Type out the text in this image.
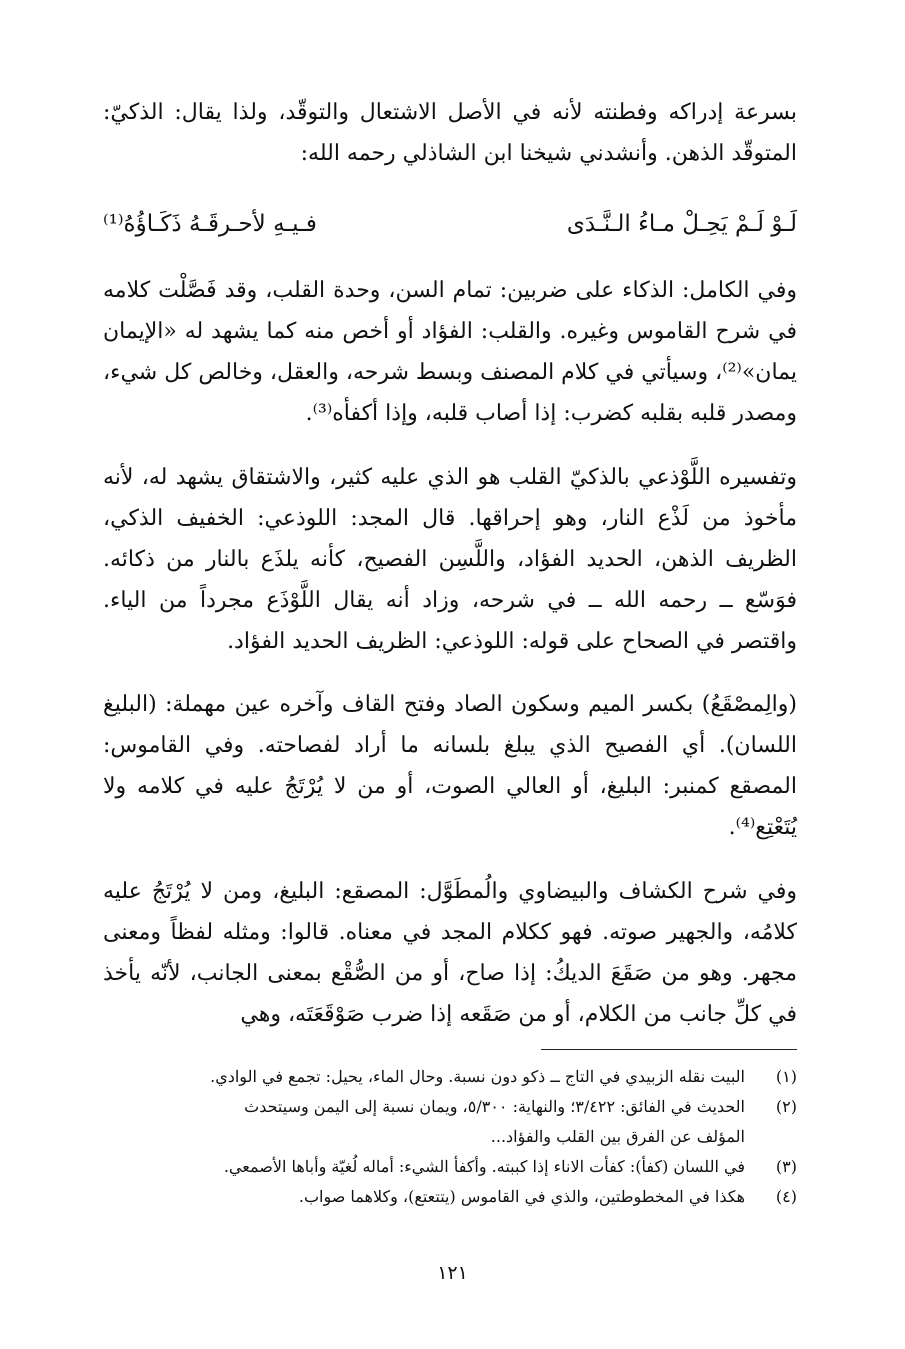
بسرعة إدراكه وفطنته لأنه في الأصل الاشتعال والتوقّد، ولذا يقال: الذكيّ: المتوقّد الذهن. وأنشدني شيخنا ابن الشاذلي رحمه الله:

لَـوْ لَـمْ يَحِـلْ مـاءُ الـنَّـدَى
فـيـهِ لأحـرقَـهُ ذَكَـاؤُهُ⁽¹⁾

وفي الكامل: الذكاء على ضربين: تمام السن، وحدة القلب، وقد فَصَّلْت كلامه في شرح القاموس وغيره. والقلب: الفؤاد أو أخص منه كما يشهد له «الإيمان يمان»⁽²⁾، وسيأتي في كلام المصنف وبسط شرحه، والعقل، وخالص كل شيء، ومصدر قلبه بقلبه كضرب: إذا أصاب قلبه، وإذا أكفأه⁽³⁾.

وتفسيره اللَّوْذعي بالذكيّ القلب هو الذي عليه كثير، والاشتقاق يشهد له، لأنه مأخوذ من لَذْع النار، وهو إحراقها. قال المجد: اللوذعي: الخفيف الذكي، الظريف الذهن، الحديد الفؤاد، واللَّسِن الفصيح، كأنه يلذَع بالنار من ذكائه. فوَسّع ــ رحمه الله ــ في شرحه، وزاد أنه يقال اللَّوْذَع مجرداً من الياء. واقتصر في الصحاح على قوله: اللوذعي: الظريف الحديد الفؤاد.

(والِمصْقَعُ) بكسر الميم وسكون الصاد وفتح القاف وآخره عين مهملة: (البليغ اللسان). أي الفصيح الذي يبلغ بلسانه ما أراد لفصاحته. وفي القاموس: المصقع كمنبر: البليغ، أو العالي الصوت، أو من لا يُرْتَجُ عليه في كلامه ولا يُتَعْتِع⁽⁴⁾.

وفي شرح الكشاف والبيضاوي والُمطَوَّل: المصقع: البليغ، ومن لا يُرْتَجُ عليه كلامُه، والجهير صوته. فهو ككلام المجد في معناه. قالوا: ومثله لفظاً ومعنى مجهر. وهو من صَقَعَ الديكُ: إذا صاح، أو من الصُّقْع بمعنى الجانب، لأنّه يأخذ في كلِّ جانب من الكلام، أو من صَقَعه إذا ضرب صَوْقَعَتَه، وهي

(١)
البيت نقله الزبيدي في التاج ــ ذكو دون نسبة. وحال الماء، يحيل: تجمع في الوادي.
(٢)
الحديث في الفائق: ٣/٤٢٢؛ والنهاية: ٥/٣٠٠، ويمان نسبة إلى اليمن وسيتحدث
المؤلف عن الفرق بين القلب والفؤاد...
(٣)
في اللسان (كفأ): كفأت الاناء إذا كببته. وأكفأ الشيء: أماله لُغيّة وأباها الأصمعي.
(٤)
هكذا في المخطوطتين، والذي في القاموس (يتتعتع)، وكلاهما صواب.
١٢١
